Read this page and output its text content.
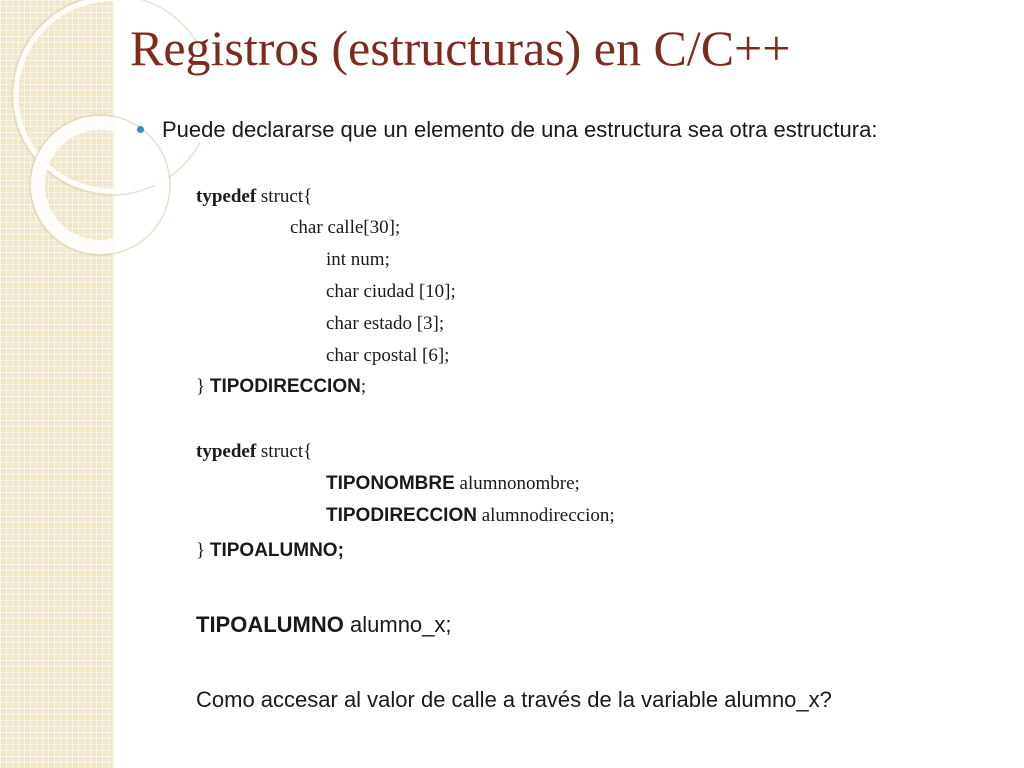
Registros (estructuras) en C/C++

Puede declararse que un elemento de una estructura sea otra estructura:

typedef struct{

char calle[30];

int num;

char ciudad [10];

char estado [3];

char cpostal [6];

} TIPODIRECCION;

typedef struct{

TIPONOMBRE alumnonombre;

TIPODIRECCION alumnodireccion;

} TIPOALUMNO;

TIPOALUMNO alumno_x;

Como accesar al valor de calle a través de la variable alumno_x?
